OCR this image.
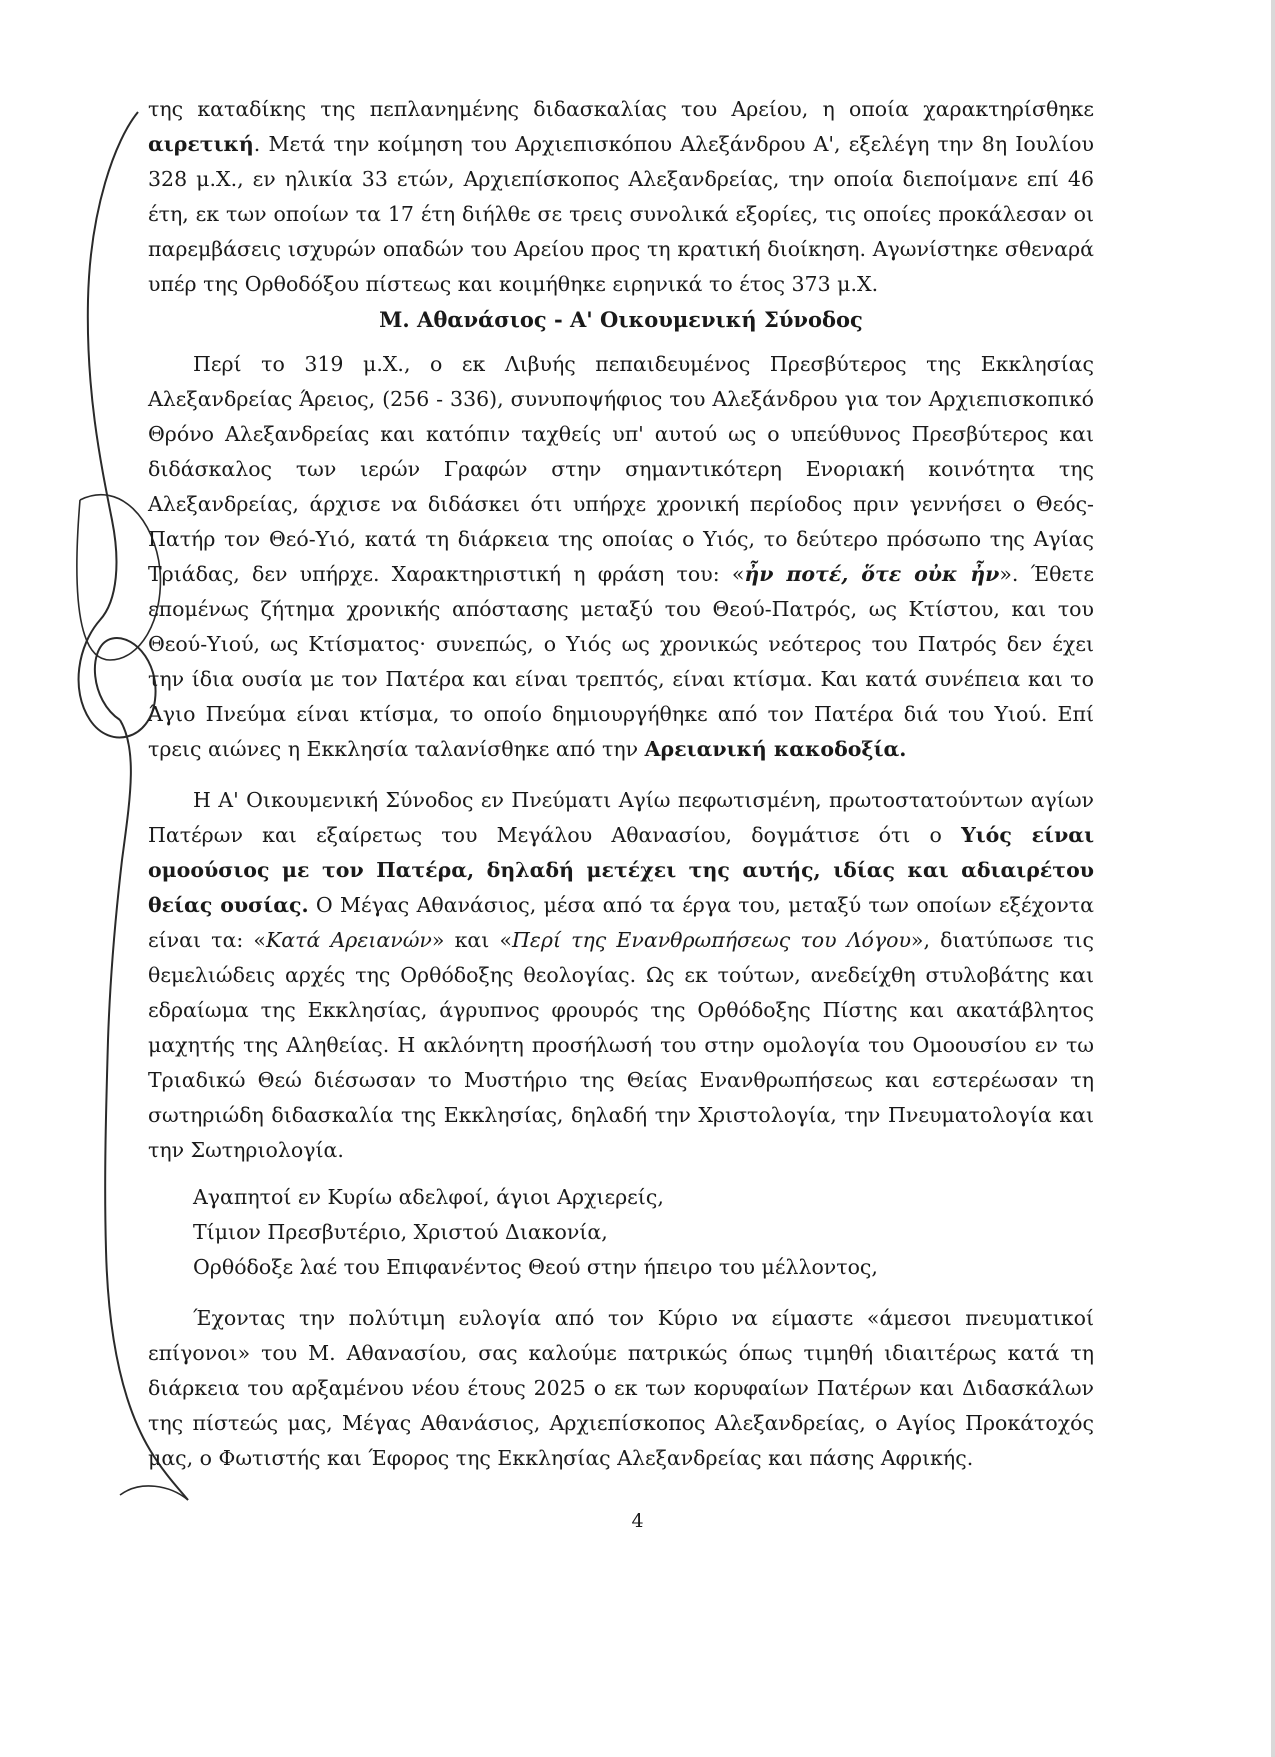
της καταδίκης της πεπλανημένης διδασκαλίας του Αρείου, η οποία χαρακτηρίσθηκε αιρετική. Μετά την κοίμηση του Αρχιεπισκόπου Αλεξάνδρου Α', εξελέγη την 8η Ιουλίου 328 μ.Χ., εν ηλικία 33 ετών, Αρχιεπίσκοπος Αλεξανδρείας, την οποία διεποίμανε επί 46 έτη, εκ των οποίων τα 17 έτη διήλθε σε τρεις συνολικά εξορίες, τις οποίες προκάλεσαν οι παρεμβάσεις ισχυρών οπαδών του Αρείου προς τη κρατική διοίκηση. Αγωνίστηκε σθεναρά υπέρ της Ορθοδόξου πίστεως και κοιμήθηκε ειρηνικά το έτος 373 μ.Χ.

Μ. Αθανάσιος - Α' Οικουμενική Σύνοδος

Περί το 319 μ.Χ., ο εκ Λιβυής πεπαιδευμένος Πρεσβύτερος της Εκκλησίας Αλεξανδρείας Άρειος, (256 - 336), συνυποψήφιος του Αλεξάνδρου για τον Αρχιεπισκοπικό Θρόνο Αλεξανδρείας και κατόπιν ταχθείς υπ' αυτού ως ο υπεύθυνος Πρεσβύτερος και διδάσκαλος των ιερών Γραφών στην σημαντικότερη Ενοριακή κοινότητα της Αλεξανδρείας, άρχισε να διδάσκει ότι υπήρχε χρονική περίοδος πριν γεννήσει ο Θεός-Πατήρ τον Θεό-Υιό, κατά τη διάρκεια της οποίας ο Υιός, το δεύτερο πρόσωπο της Αγίας Τριάδας, δεν υπήρχε. Χαρακτηριστική η φράση του: «ἦν ποτέ, ὅτε οὐκ ἦν». Έθετε επομένως ζήτημα χρονικής απόστασης μεταξύ του Θεού-Πατρός, ως Κτίστου, και του Θεού-Υιού, ως Κτίσματος· συνεπώς, ο Υιός ως χρονικώς νεότερος του Πατρός δεν έχει την ίδια ουσία με τον Πατέρα και είναι τρεπτός, είναι κτίσμα. Και κατά συνέπεια και το Άγιο Πνεύμα είναι κτίσμα, το οποίο δημιουργήθηκε από τον Πατέρα διά του Υιού. Επί τρεις αιώνες η Εκκλησία ταλανίσθηκε από την Αρειανική κακοδοξία.

Η Α' Οικουμενική Σύνοδος εν Πνεύματι Αγίω πεφωτισμένη, πρωτοστατούντων αγίων Πατέρων και εξαίρετως του Μεγάλου Αθανασίου, δογμάτισε ότι ο Υιός είναι ομοούσιος με τον Πατέρα, δηλαδή μετέχει της αυτής, ιδίας και αδιαιρέτου θείας ουσίας. Ο Μέγας Αθανάσιος, μέσα από τα έργα του, μεταξύ των οποίων εξέχοντα είναι τα: «Κατά Αρειανών» και «Περί της Ενανθρωπήσεως του Λόγου», διατύπωσε τις θεμελιώδεις αρχές της Ορθόδοξης θεολογίας. Ως εκ τούτων, ανεδείχθη στυλοβάτης και εδραίωμα της Εκκλησίας, άγρυπνος φρουρός της Ορθόδοξης Πίστης και ακατάβλητος μαχητής της Αληθείας. Η ακλόνητη προσήλωσή του στην ομολογία του Ομοουσίου εν τω Τριαδικώ Θεώ διέσωσαν το Μυστήριο της Θείας Ενανθρωπήσεως και εστερέωσαν τη σωτηριώδη διδασκαλία της Εκκλησίας, δηλαδή την Χριστολογία, την Πνευματολογία και την Σωτηριολογία.

Αγαπητοί εν Κυρίω αδελφοί, άγιοι Αρχιερείς,
Τίμιον Πρεσβυτέριο, Χριστού Διακονία,
Ορθόδοξε λαέ του Επιφανέντος Θεού στην ήπειρο του μέλλοντος,

Έχοντας την πολύτιμη ευλογία από τον Κύριο να είμαστε «άμεσοι πνευματικοί επίγονοι» του Μ. Αθανασίου, σας καλούμε πατρικώς όπως τιμηθή ιδιαιτέρως κατά τη διάρκεια του αρξαμένου νέου έτους 2025 ο εκ των κορυφαίων Πατέρων και Διδασκάλων της πίστεώς μας, Μέγας Αθανάσιος, Αρχιεπίσκοπος Αλεξανδρείας, ο Αγίος Προκάτοχός μας, ο Φωτιστής και Έφορος της Εκκλησίας Αλεξανδρείας και πάσης Αφρικής.

4
